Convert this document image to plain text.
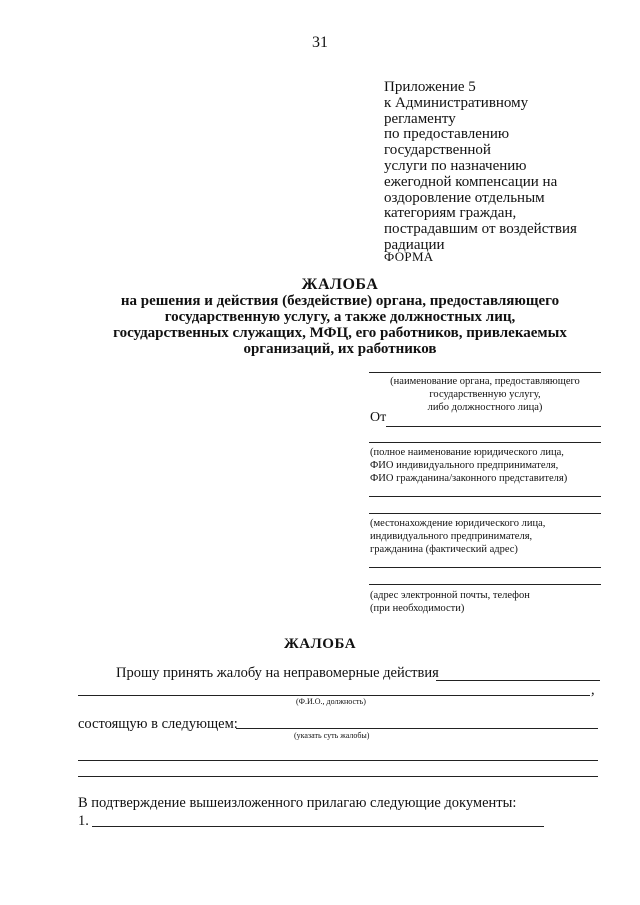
31
Приложение 5
к Административному
регламенту
по предоставлению
государственной
услуги по назначению
ежегодной компенсации на
оздоровление отдельным
категориям граждан,
пострадавшим от воздействия
радиации
ФОРМА
ЖАЛОБА
на решения и действия (бездействие) органа, предоставляющего
государственную услугу, а также должностных лиц,
государственных служащих, МФЦ, его работников, привлекаемых
организаций, их работников
(наименование органа, предоставляющего
государственную услугу,
либо должностного лица)
От
(полное наименование юридического лица,
ФИО индивидуального предпринимателя,
ФИО гражданина/законного представителя)
(местонахождение юридического лица,
индивидуального предпринимателя,
гражданина (фактический адрес)
(адрес электронной почты, телефон
(при необходимости)
ЖАЛОБА
Прошу принять жалобу на неправомерные действия
,
(Ф.И.О., должность)
состоящую в следующем:
(указать суть жалобы)
В подтверждение вышеизложенного прилагаю следующие документы:
1.
